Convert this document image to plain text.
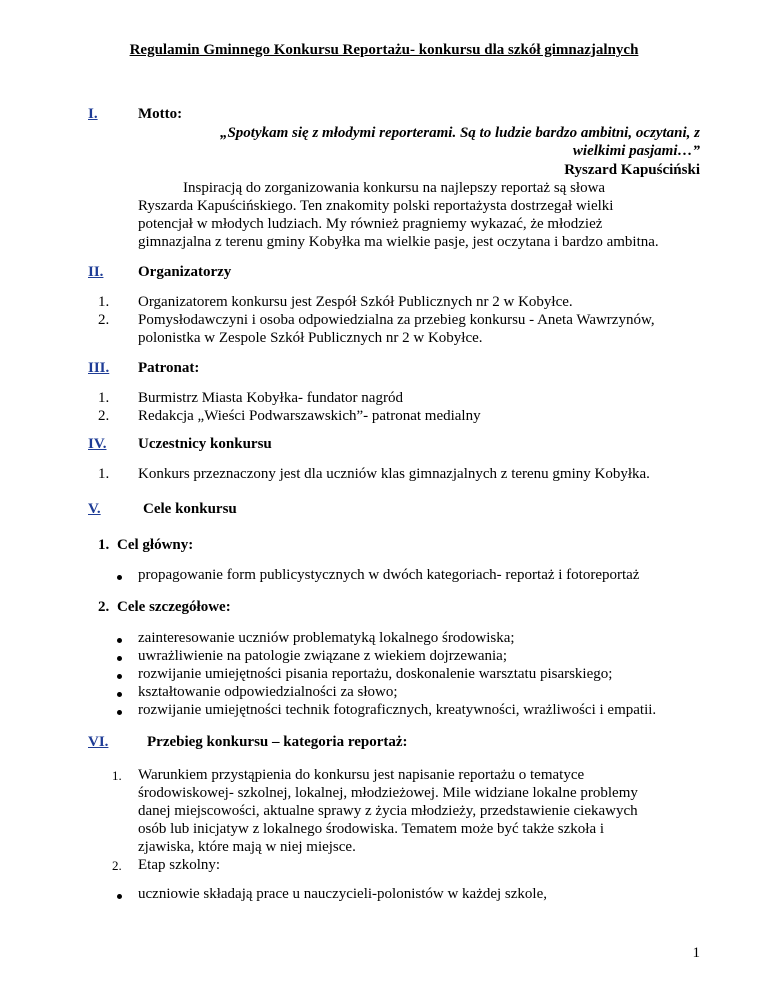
Regulamin Gminnego Konkursu Reportażu- konkursu dla szkół gimnazjalnych
I.	Motto:
„Spotykam się z młodymi reporterami. Są to ludzie bardzo ambitni, oczytani, z
wielkimi pasjami…”
Ryszard Kapuściński
Inspiracją do zorganizowania konkursu na najlepszy reportaż są słowa
Ryszarda Kapuścińskiego. Ten znakomity polski reportażysta dostrzegał wielki
potencjał w młodych ludziach. My również pragniemy wykazać, że młodzież
gimnazjalna z terenu gminy Kobyłka ma wielkie pasje, jest oczytana i bardzo ambitna.
II. Organizatorzy
1. Organizatorem konkursu jest Zespół Szkół Publicznych nr 2 w Kobyłce.
2. Pomysłodawczyni i osoba odpowiedzialna za przebieg konkursu - Aneta Wawrzynów,
polonistka w Zespole Szkół Publicznych nr 2 w Kobyłce.
III. Patronat:
1. Burmistrz Miasta Kobyłka- fundator nagród
2. Redakcja „Wieści Podwarszawskich”- patronat medialny
IV. Uczestnicy konkursu
1. Konkurs przeznaczony jest dla uczniów klas gimnazjalnych z terenu gminy Kobyłka.
V.	Cele konkursu
1. Cel główny:
propagowanie form publicystycznych w dwóch kategoriach- reportaż i fotoreportaż
2. Cele szczegółowe:
zainteresowanie uczniów problematyką lokalnego środowiska;
uwrażliwienie na patologie związane z wiekiem dojrzewania;
rozwijanie umiejętności pisania reportażu, doskonalenie warsztatu pisarskiego;
kształtowanie odpowiedzialności za słowo;
rozwijanie umiejętności technik fotograficznych, kreatywności, wrażliwości i empatii.
VI.	Przebieg konkursu – kategoria reportaż:
1. Warunkiem przystąpienia do konkursu jest napisanie reportażu o tematyce
środowiskowej- szkolnej, lokalnej, młodzieżowej. Mile widziane lokalne problemy
danej miejscowości, aktualne sprawy z życia młodzieży, przedstawienie ciekawych
osób lub inicjatyw z lokalnego środowiska. Tematem może być także szkoła i
zjawiska, które mają w niej miejsce.
2. Etap szkolny:
uczniowie składają prace u nauczycieli-polonistów w każdej szkole,
1
